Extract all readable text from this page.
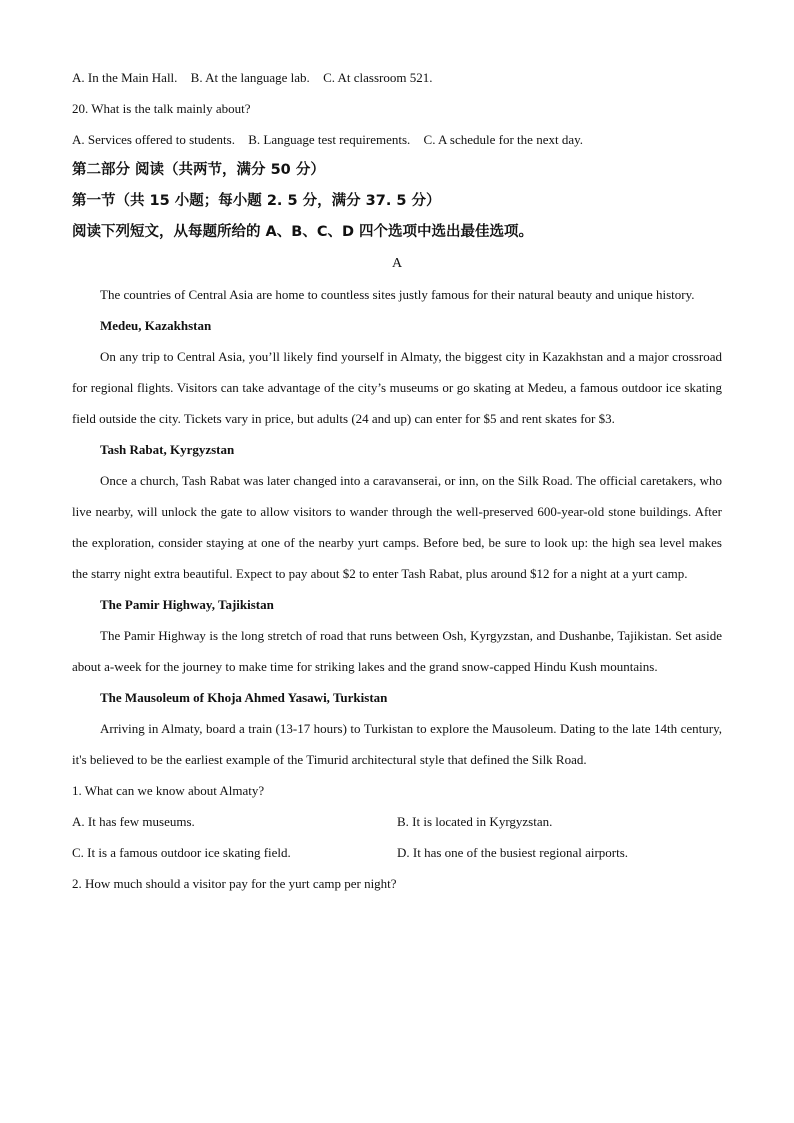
A. In the Main Hall. B. At the language lab. C. At classroom 521.
20. What is the talk mainly about?
A. Services offered to students. B. Language test requirements. C. A schedule for the next day.
第二部分 阅读（共两节，满分 50 分）
第一节（共 15 小题；每小题 2. 5 分，满分 37. 5 分）
阅读下列短文，从每题所给的 A、B、C、D 四个选项中选出最佳选项。
A

The countries of Central Asia are home to countless sites justly famous for their natural beauty and unique history.

Medeu, Kazakhstan

On any trip to Central Asia, you’ll likely find yourself in Almaty, the biggest city in Kazakhstan and a major crossroad for regional flights. Visitors can take advantage of the city’s museums or go skating at Medeu, a famous outdoor ice skating field outside the city. Tickets vary in price, but adults (24 and up) can enter for $5 and rent skates for $3.

Tash Rabat, Kyrgyzstan

Once a church, Tash Rabat was later changed into a caravanserai, or inn, on the Silk Road. The official caretakers, who live nearby, will unlock the gate to allow visitors to wander through the well-preserved 600-year-old stone buildings. After the exploration, consider staying at one of the nearby yurt camps. Before bed, be sure to look up: the high sea level makes the starry night extra beautiful. Expect to pay about $2 to enter Tash Rabat, plus around $12 for a night at a yurt camp.

The Pamir Highway, Tajikistan

The Pamir Highway is the long stretch of road that runs between Osh, Kyrgyzstan, and Dushanbe, Tajikistan. Set aside about a-week for the journey to make time for striking lakes and the grand snow-capped Hindu Kush mountains.

The Mausoleum of Khoja Ahmed Yasawi, Turkistan

Arriving in Almaty, board a train (13-17 hours) to Turkistan to explore the Mausoleum. Dating to the late 14th century, it's believed to be the earliest example of the Timurid architectural style that defined the Silk Road.

1. What can we know about Almaty?
A. It has few museums.	B. It is located in Kyrgyzstan.
C. It is a famous outdoor ice skating field.	D. It has one of the busiest regional airports.
2. How much should a visitor pay for the yurt camp per night?
